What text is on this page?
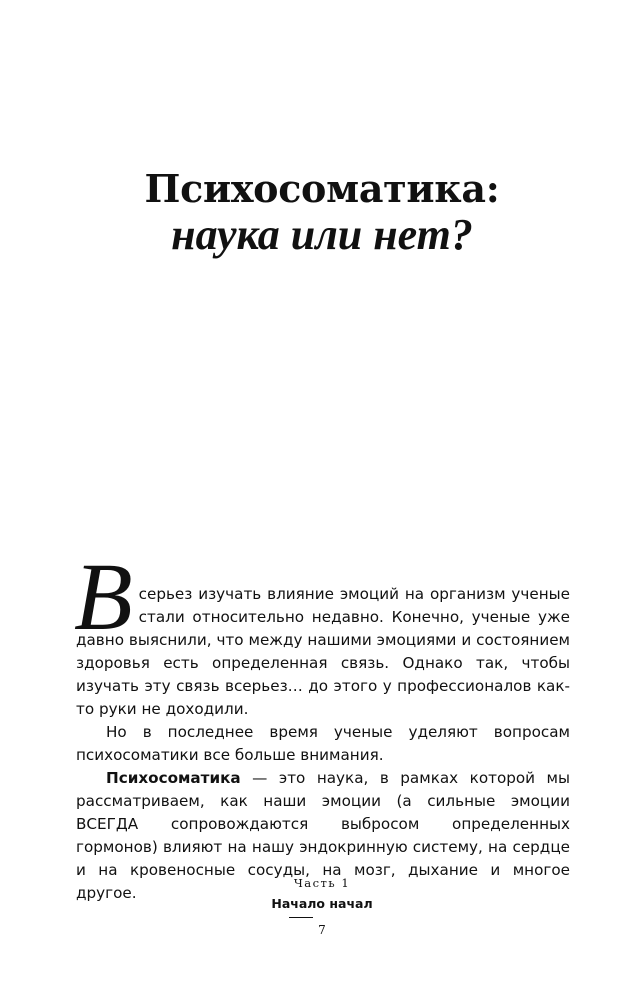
Психосоматика:
наука или нет?

В серьез изучать влияние эмоций на организм ученые стали относительно недавно. Конечно, ученые уже давно выяснили, что между нашими эмоциями и состоянием здоровья есть определенная связь. Однако так, чтобы изучать эту связь всерьез… до этого у профессионалов как-то руки не доходили.

Но в последнее время ученые уделяют вопросам психосоматики все больше внимания.

Психосоматика — это наука, в рамках которой мы рассматриваем, как наши эмоции (а сильные эмоции ВСЕГДА сопровождаются выбросом определенных гормонов) влияют на нашу эндокринную систему, на сердце и на кровеносные сосуды, на мозг, дыхание и многое другое.

Часть 1
Начало начал
7
